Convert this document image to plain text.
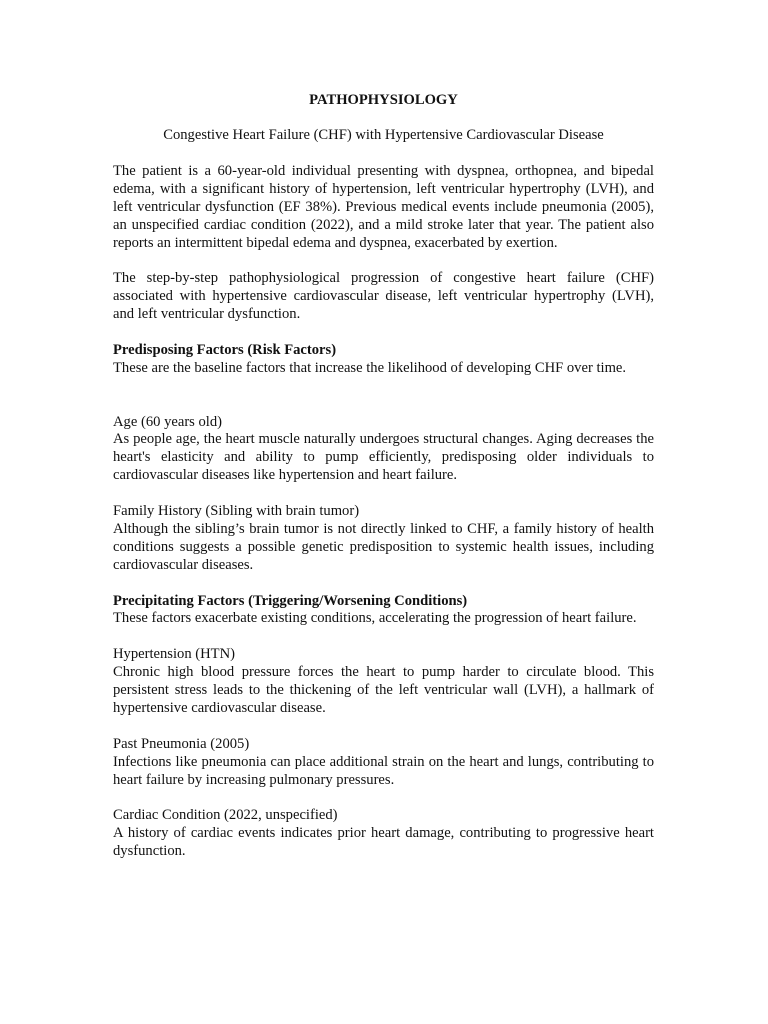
PATHOPHYSIOLOGY

Congestive Heart Failure (CHF) with Hypertensive Cardiovascular Disease

The patient is a 60-year-old individual presenting with dyspnea, orthopnea, and bipedal edema, with a significant history of hypertension, left ventricular hypertrophy (LVH), and left ventricular dysfunction (EF 38%). Previous medical events include pneumonia (2005), an unspecified cardiac condition (2022), and a mild stroke later that year. The patient also reports an intermittent bipedal edema and dyspnea, exacerbated by exertion.

The step-by-step pathophysiological progression of congestive heart failure (CHF) associated with hypertensive cardiovascular disease, left ventricular hypertrophy (LVH), and left ventricular dysfunction.

Predisposing Factors (Risk Factors)

These are the baseline factors that increase the likelihood of developing CHF over time.

Age (60 years old)

As people age, the heart muscle naturally undergoes structural changes. Aging decreases the heart's elasticity and ability to pump efficiently, predisposing older individuals to cardiovascular diseases like hypertension and heart failure.

Family History (Sibling with brain tumor)

Although the sibling’s brain tumor is not directly linked to CHF, a family history of health conditions suggests a possible genetic predisposition to systemic health issues, including cardiovascular diseases.

Precipitating Factors (Triggering/Worsening Conditions)

These factors exacerbate existing conditions, accelerating the progression of heart failure.

Hypertension (HTN)

Chronic high blood pressure forces the heart to pump harder to circulate blood. This persistent stress leads to the thickening of the left ventricular wall (LVH), a hallmark of hypertensive cardiovascular disease.

Past Pneumonia (2005)

Infections like pneumonia can place additional strain on the heart and lungs, contributing to heart failure by increasing pulmonary pressures.

Cardiac Condition (2022, unspecified)

A history of cardiac events indicates prior heart damage, contributing to progressive heart dysfunction.
